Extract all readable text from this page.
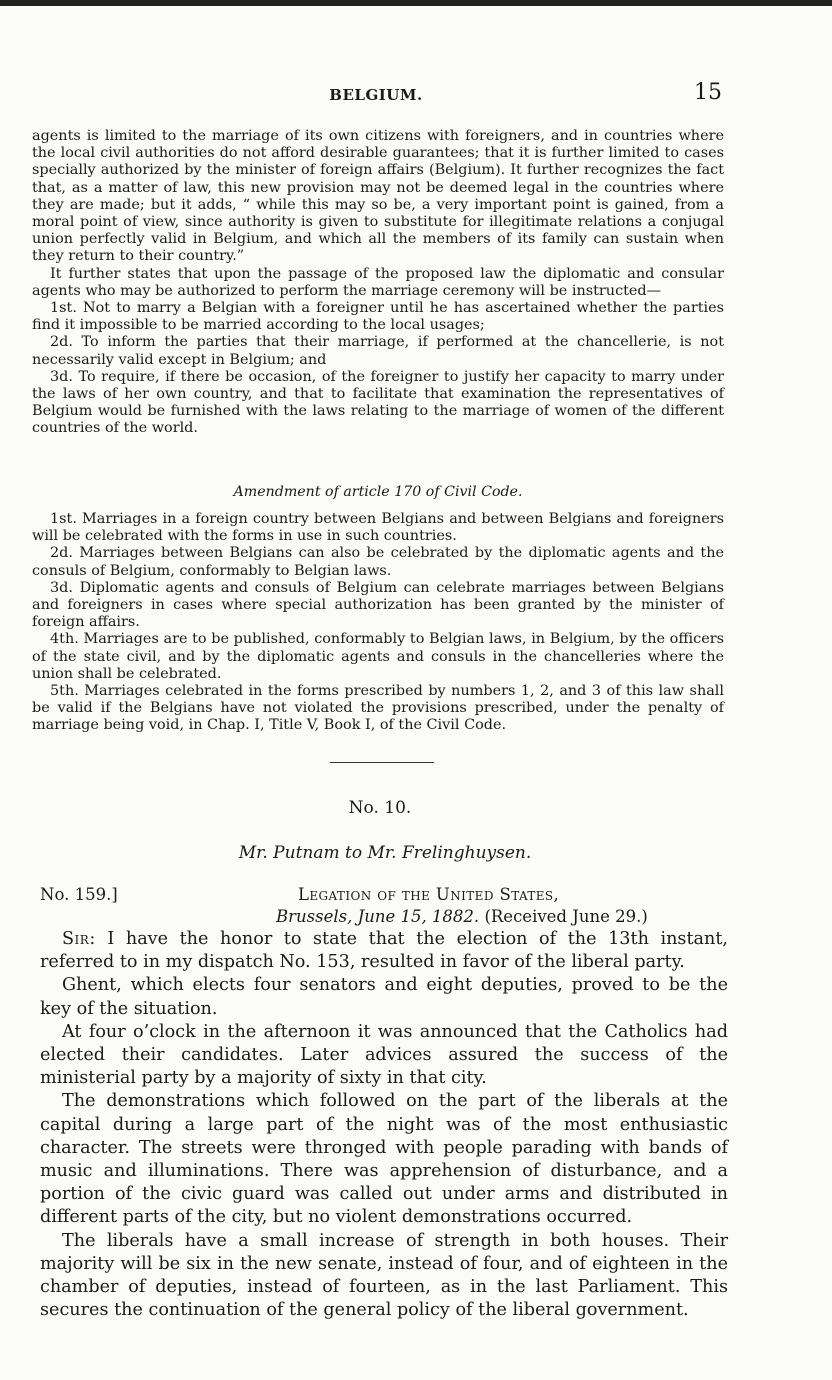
BELGIUM.	15

agents is limited to the marriage of its own citizens with foreigners, and in countries where the local civil authorities do not afford desirable guarantees; that it is further limited to cases specially authorized by the minister of foreign affairs (Belgium). It further recognizes the fact that, as a matter of law, this new provision may not be deemed legal in the countries where they are made; but it adds, “ while this may so be, a very important point is gained, from a moral point of view, since authority is given to substitute for illegitimate relations a conjugal union perfectly valid in Belgium, and which all the members of its family can sustain when they return to their country.”

It further states that upon the passage of the proposed law the diplomatic and consular agents who may be authorized to perform the marriage ceremony will be instructed—

1st. Not to marry a Belgian with a foreigner until he has ascertained whether the parties find it impossible to be married according to the local usages;

2d. To inform the parties that their marriage, if performed at the chancellerie, is not necessarily valid except in Belgium; and

3d. To require, if there be occasion, of the foreigner to justify her capacity to marry under the laws of her own country, and that to facilitate that examination the representatives of Belgium would be furnished with the laws relating to the marriage of women of the different countries of the world.

Amendment of article 170 of Civil Code.

1st. Marriages in a foreign country between Belgians and between Belgians and foreigners will be celebrated with the forms in use in such countries.

2d. Marriages between Belgians can also be celebrated by the diplomatic agents and the consuls of Belgium, conformably to Belgian laws.

3d. Diplomatic agents and consuls of Belgium can celebrate marriages between Belgians and foreigners in cases where special authorization has been granted by the minister of foreign affairs.

4th. Marriages are to be published, conformably to Belgian laws, in Belgium, by the officers of the state civil, and by the diplomatic agents and consuls in the chancelleries where the union shall be celebrated.

5th. Marriages celebrated in the forms prescribed by numbers 1, 2, and 3 of this law shall be valid if the Belgians have not violated the provisions prescribed, under the penalty of marriage being void, in Chap. I, Title V, Book I, of the Civil Code.

No. 10.
Mr. Putnam to Mr. Frelinghuysen.
No. 159.]	Legation of the United States,
Brussels, June 15, 1882. (Received June 29.)

Sir: I have the honor to state that the election of the 13th instant, referred to in my dispatch No. 153, resulted in favor of the liberal party.

Ghent, which elects four senators and eight deputies, proved to be the key of the situation.

At four o’clock in the afternoon it was announced that the Catholics had elected their candidates. Later advices assured the success of the ministerial party by a majority of sixty in that city.

The demonstrations which followed on the part of the liberals at the capital during a large part of the night was of the most enthusiastic character. The streets were thronged with people parading with bands of music and illuminations. There was apprehension of disturbance, and a portion of the civic guard was called out under arms and distributed in different parts of the city, but no violent demonstrations occurred.

The liberals have a small increase of strength in both houses. Their majority will be six in the new senate, instead of four, and of eighteen in the chamber of deputies, instead of fourteen, as in the last Parliament. This secures the continuation of the general policy of the liberal government.
